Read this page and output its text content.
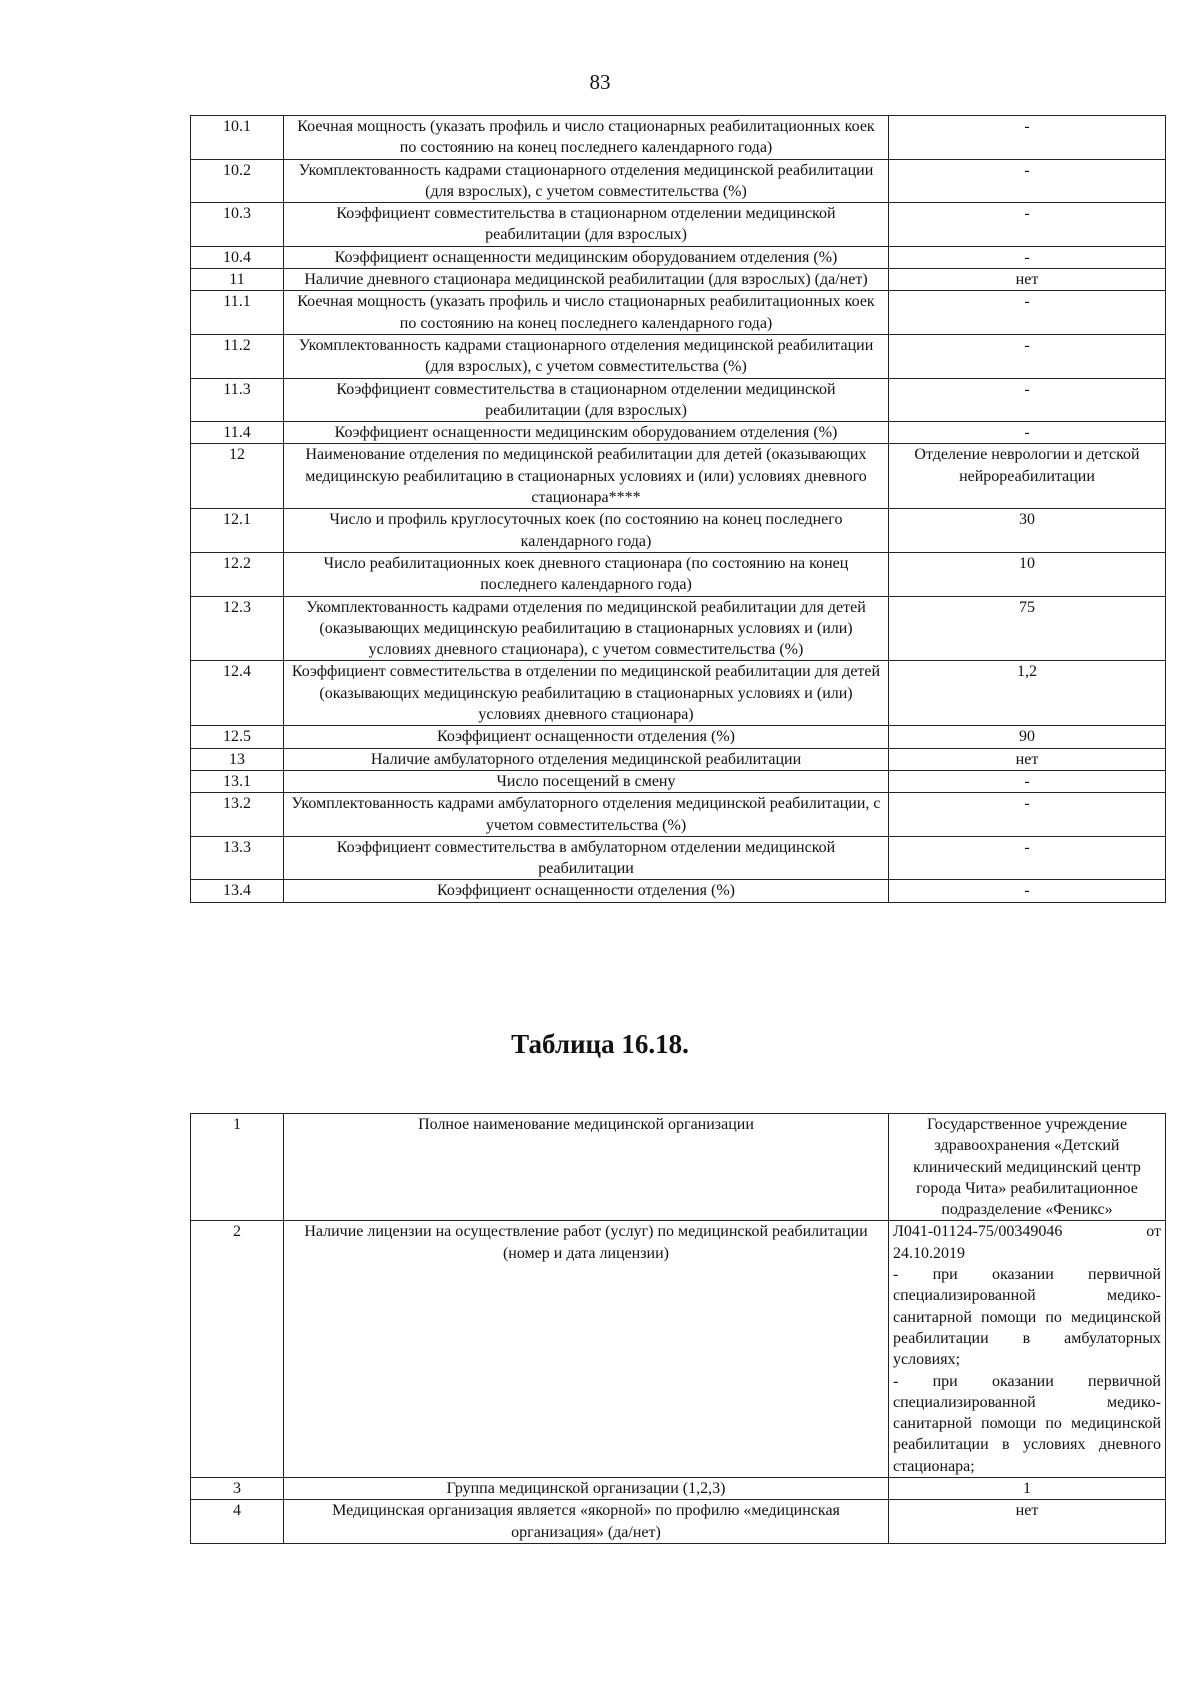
83
10.1	Коечная мощность (указать профиль и число стационарных реабилитационных коек по состоянию на конец последнего календарного года)	-
10.2	Укомплектованность кадрами стационарного отделения медицинской реабилитации (для взрослых), с учетом совместительства (%)	-
10.3	Коэффициент совместительства в стационарном отделении медицинской реабилитации (для взрослых)	-
10.4	Коэффициент оснащенности медицинским оборудованием отделения (%)	-
11	Наличие дневного стационара медицинской реабилитации (для взрослых) (да/нет)	нет
11.1	Коечная мощность (указать профиль и число стационарных реабилитационных коек по состоянию на конец последнего календарного года)	-
11.2	Укомплектованность кадрами стационарного отделения медицинской реабилитации (для взрослых), с учетом совместительства (%)	-
11.3	Коэффициент совместительства в стационарном отделении медицинской реабилитации (для взрослых)	-
11.4	Коэффициент оснащенности медицинским оборудованием отделения (%)	-
12	Наименование отделения по медицинской реабилитации для детей (оказывающих медицинскую реабилитацию в стационарных условиях и (или) условиях дневного стационара****	Отделение неврологии и детской нейрореабилитации
12.1	Число и профиль круглосуточных коек (по состоянию на конец последнего календарного года)	30
12.2	Число реабилитационных коек дневного стационара (по состоянию на конец последнего календарного года)	10
12.3	Укомплектованность кадрами отделения по медицинской реабилитации для детей (оказывающих медицинскую реабилитацию в стационарных условиях и (или) условиях дневного стационара), с учетом совместительства (%)	75
12.4	Коэффициент совместительства в отделении по медицинской реабилитации для детей (оказывающих медицинскую реабилитацию в стационарных условиях и (или) условиях дневного стационара)	1,2
12.5	Коэффициент оснащенности отделения (%)	90
13	Наличие амбулаторного отделения медицинской реабилитации	нет
13.1	Число посещений в смену	-
13.2	Укомплектованность кадрами амбулаторного отделения медицинской реабилитации, с учетом совместительства (%)	-
13.3	Коэффициент совместительства в амбулаторном отделении медицинской реабилитации	-
13.4	Коэффициент оснащенности отделения (%)	-
Таблица 16.18.
1	Полное наименование медицинской организации	Государственное учреждение здравоохранения «Детский клинический медицинский центр города Чита» реабилитационное подразделение «Феникс»
2	Наличие лицензии на осуществление работ (услуг) по медицинской реабилитации (номер и дата лицензии)	Л041-01124-75/00349046 от
24.10.2019
- при оказании первичной специализированной медико-санитарной помощи по медицинской реабилитации в амбулаторных условиях;
- при оказании первичной специализированной медико-санитарной помощи по медицинской реабилитации в условиях дневного стационара;

3	Группа медицинской организации (1,2,3)	1
4	Медицинская организация является «якорной» по профилю «медицинская организация» (да/нет)	нет
